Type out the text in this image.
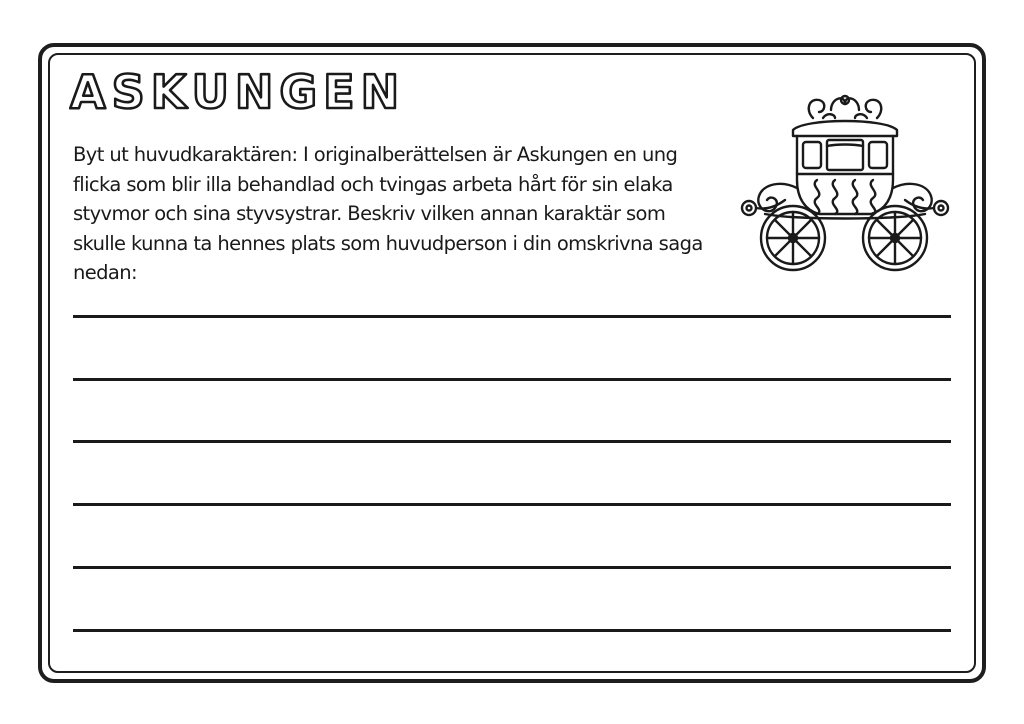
ASKUNGEN

Byt ut huvudkaraktären: I originalberättelsen är Askungen en ung flicka som blir illa behandlad och tvingas arbeta hårt för sin elaka styvmor och sina styvsystrar. Beskriv vilken annan karaktär som skulle kunna ta hennes plats som huvudperson i din omskrivna saga nedan:
